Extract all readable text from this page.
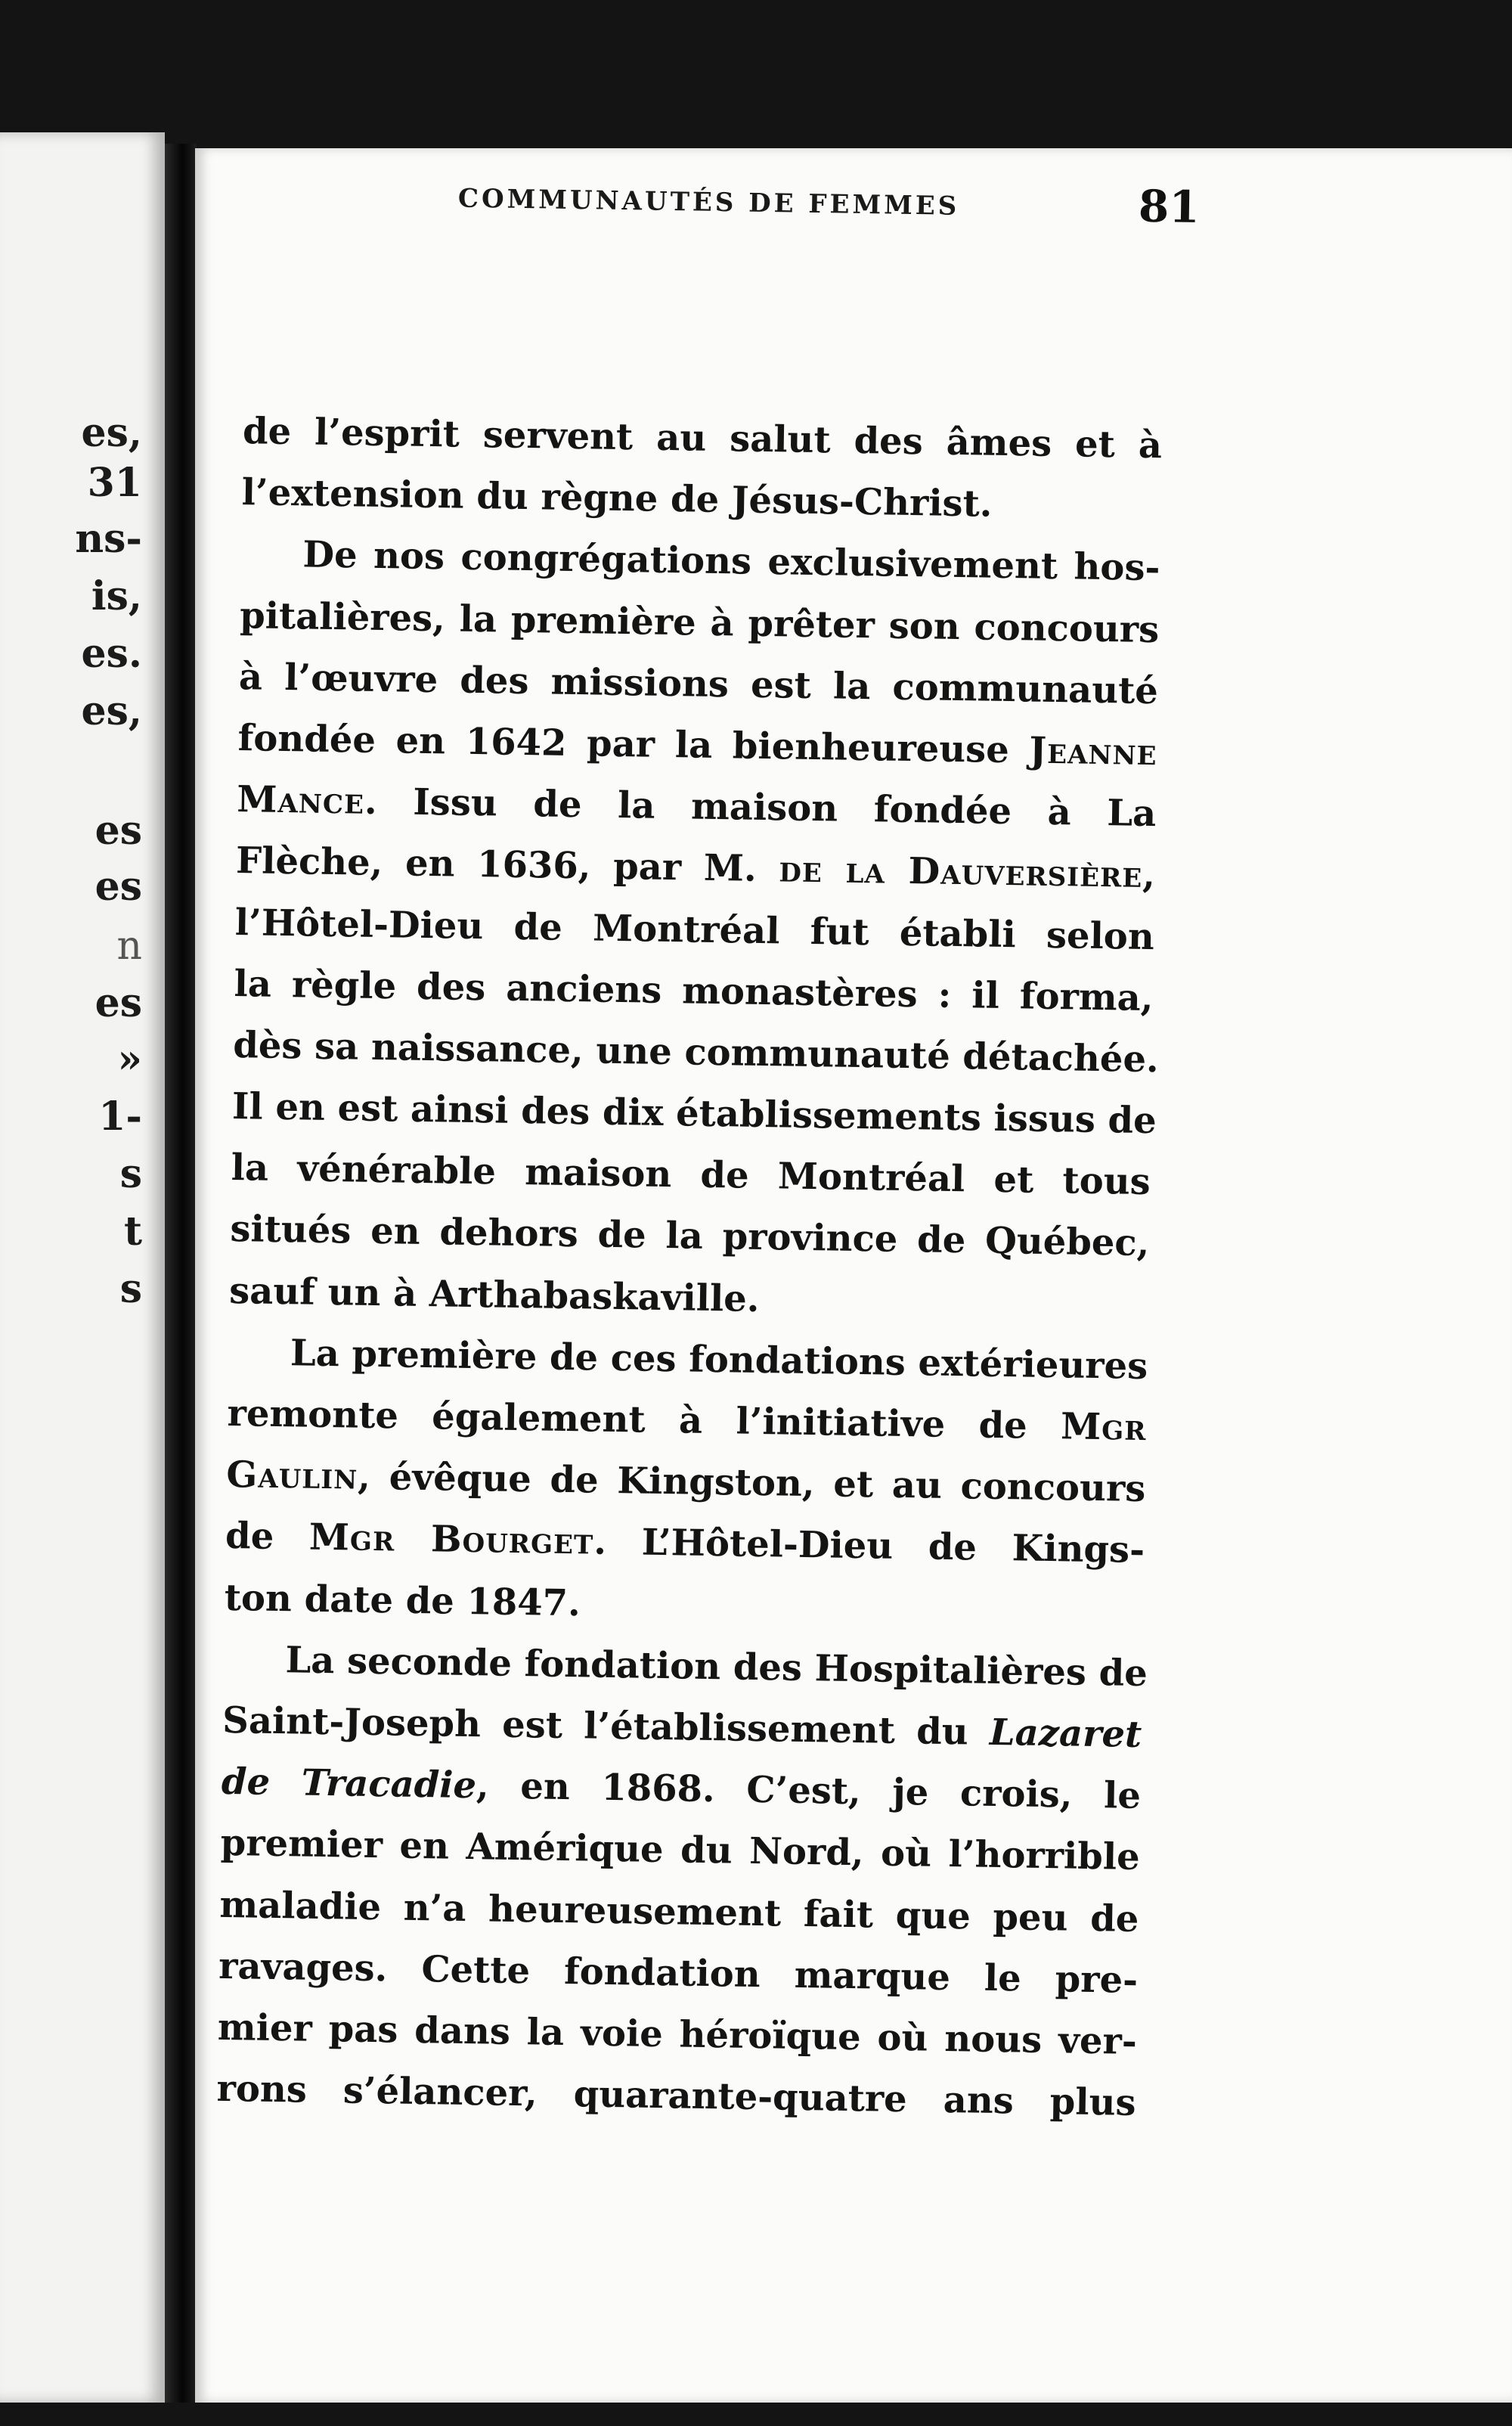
es,
31
ns-
is,
es.
es,
es
es
n
es
»
1-
s
t
s
COMMUNAUTÉS DE FEMMES	81
de l’esprit servent au salut des âmes et à
l’extension du règne de Jésus-Christ.
De nos congrégations exclusivement hos-
pitalières, la première à prêter son concours
à l’œuvre des missions est la communauté
fondée en 1642 par la bienheureuse Jeanne
Mance. Issu de la maison fondée à La
Flèche, en 1636, par M. de la Dauversière,
l’Hôtel-Dieu de Montréal fut établi selon
la règle des anciens monastères : il forma,
dès sa naissance, une communauté détachée.
Il en est ainsi des dix établissements issus de
la vénérable maison de Montréal et tous
situés en dehors de la province de Québec,
sauf un à Arthabaskaville.
La première de ces fondations extérieures
remonte également à l’initiative de Mgr
Gaulin, évêque de Kingston, et au concours
de Mgr Bourget. L’Hôtel-Dieu de Kings-
ton date de 1847.
La seconde fondation des Hospitalières de
Saint-Joseph est l’établissement du Lazaret
de Tracadie, en 1868. C’est, je crois, le
premier en Amérique du Nord, où l’horrible
maladie n’a heureusement fait que peu de
ravages. Cette fondation marque le pre-
mier pas dans la voie héroïque où nous ver-
rons s’élancer, quarante-quatre ans plus
